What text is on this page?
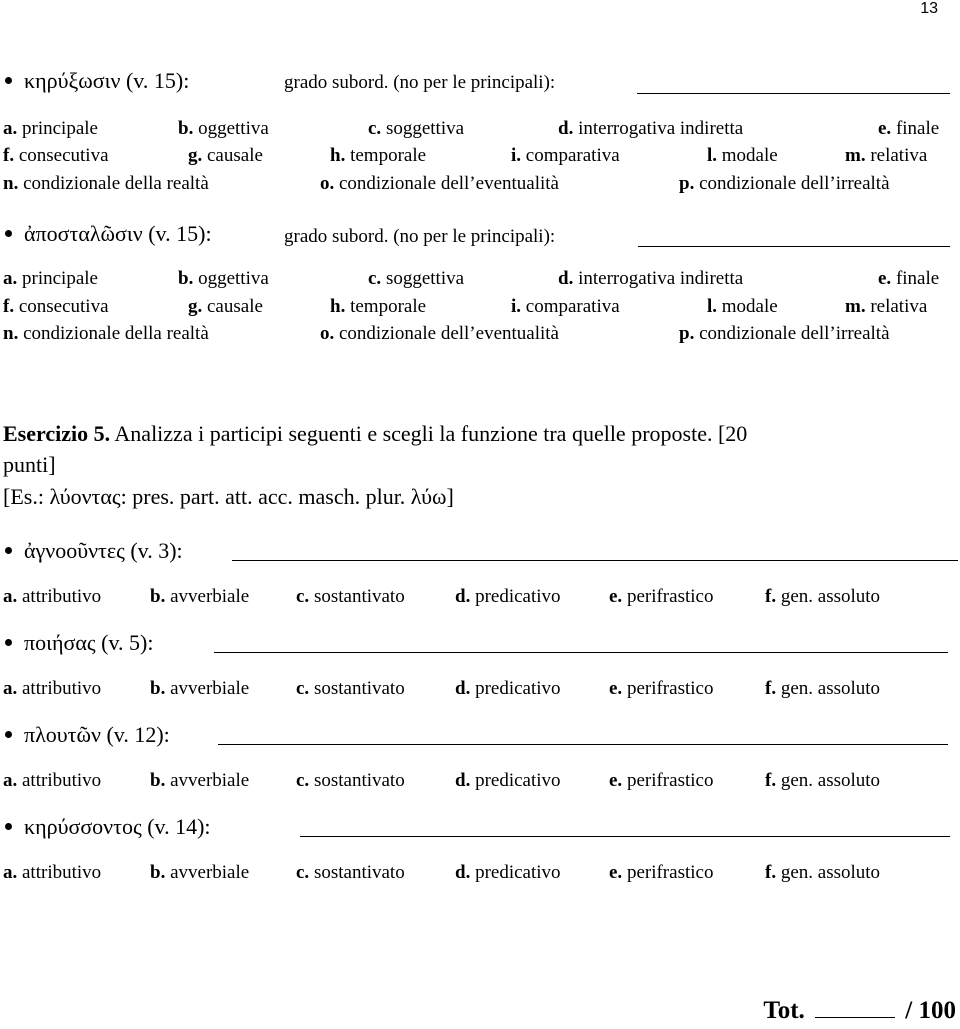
13
κηρύξωσιν (v. 15):	grado subord. (no per le principali):
a. principale	b. oggettiva	c. soggettiva	d. interrogativa indiretta	e. finale
f. consecutiva	g. causale	h. temporale	i. comparativa	l. modale	m. relativa
n. condizionale della realtà	o. condizionale dell’eventualità	p. condizionale dell’irrealtà
ἀποσταλῶσιν (v. 15):	grado subord. (no per le principali):
a. principale	b. oggettiva	c. soggettiva	d. interrogativa indiretta	e. finale
f. consecutiva	g. causale	h. temporale	i. comparativa	l. modale	m. relativa
n. condizionale della realtà	o. condizionale dell’eventualità	p. condizionale dell’irrealtà
Esercizio 5. Analizza i participi seguenti e scegli la funzione tra quelle proposte. [20
punti]
[Es.: λύοντας: pres. part. att. acc. masch. plur. λύω]
ἀγνοοῦντες (v. 3):
a. attributivo	b. avverbiale c. sostantivato	d. predicativo	e. perifrastico	f. gen. assoluto
ποιήσας (v. 5):
a. attributivo	b. avverbiale c. sostantivato	d. predicativo	e. perifrastico	f. gen. assoluto
πλουτῶν (v. 12):
a. attributivo	b. avverbiale c. sostantivato	d. predicativo	e. perifrastico	f. gen. assoluto
κηρύσσοντος (v. 14):
a. attributivo	b. avverbiale c. sostantivato	d. predicativo	e. perifrastico	f. gen. assoluto
Tot.	/ 100
